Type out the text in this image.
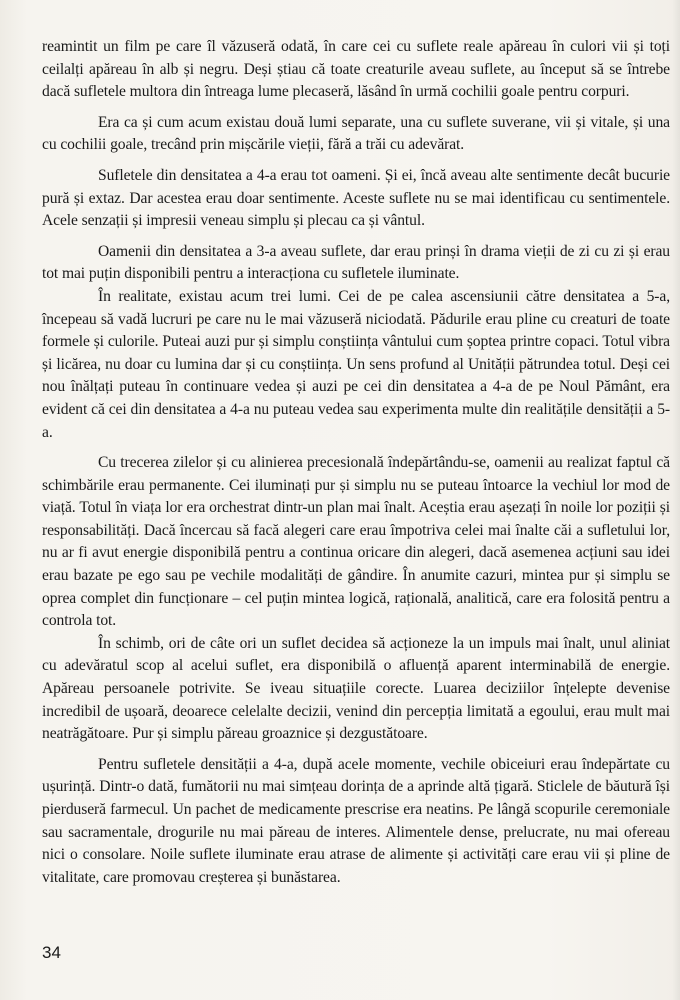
reamintit un film pe care îl văzuseră odată, în care cei cu suflete reale apăreau în culori vii și toți ceilalți apăreau în alb și negru. Deși știau că toate creaturile aveau suflete, au început să se întrebe dacă sufletele multora din întreaga lume plecaseră, lăsând în urmă cochilii goale pentru corpuri.

Era ca și cum acum existau două lumi separate, una cu suflete suverane, vii și vitale, și una cu cochilii goale, trecând prin mișcările vieții, fără a trăi cu adevărat.

Sufletele din densitatea a 4-a erau tot oameni. Și ei, încă aveau alte sentimente decât bucurie pură și extaz. Dar acestea erau doar sentimente. Aceste suflete nu se mai identificau cu sentimentele. Acele senzații și impresii veneau simplu și plecau ca și vântul.

Oamenii din densitatea a 3-a aveau suflete, dar erau prinși în drama vieții de zi cu zi și erau tot mai puțin disponibili pentru a interacționa cu sufletele iluminate.

În realitate, existau acum trei lumi. Cei de pe calea ascensiunii către densitatea a 5-a, începeau să vadă lucruri pe care nu le mai văzuseră niciodată. Pădurile erau pline cu creaturi de toate formele și culorile. Puteai auzi pur și simplu conștiința vântului cum șoptea printre copaci. Totul vibra și licărea, nu doar cu lumina dar și cu conștiința. Un sens profund al Unității pătrundea totul. Deși cei nou înălțați puteau în continuare vedea și auzi pe cei din densitatea a 4-a de pe Noul Pământ, era evident că cei din densitatea a 4-a nu puteau vedea sau experimenta multe din realitățile densității a 5-a.

Cu trecerea zilelor și cu alinierea precesională îndepărtându-se, oamenii au realizat faptul că schimbările erau permanente. Cei iluminați pur și simplu nu se puteau întoarce la vechiul lor mod de viață. Totul în viața lor era orchestrat dintr-un plan mai înalt. Aceștia erau așezați în noile lor poziții și responsabilități. Dacă încercau să facă alegeri care erau împotriva celei mai înalte căi a sufletului lor, nu ar fi avut energie disponibilă pentru a continua oricare din alegeri, dacă asemenea acțiuni sau idei erau bazate pe ego sau pe vechile modalități de gândire. În anumite cazuri, mintea pur și simplu se oprea complet din funcționare – cel puțin mintea logică, rațională, analitică, care era folosită pentru a controla tot.

În schimb, ori de câte ori un suflet decidea să acționeze la un impuls mai înalt, unul aliniat cu adevăratul scop al acelui suflet, era disponibilă o afluență aparent interminabilă de energie. Apăreau persoanele potrivite. Se iveau situațiile corecte. Luarea deciziilor înțelepte devenise incredibil de ușoară, deoarece celelalte decizii, venind din percepția limitată a egoului, erau mult mai neatrăgătoare. Pur și simplu păreau groaznice și dezgustătoare.

Pentru sufletele densității a 4-a, după acele momente, vechile obiceiuri erau îndepărtate cu ușurință. Dintr-o dată, fumătorii nu mai simțeau dorința de a aprinde altă țigară. Sticlele de băutură își pierduseră farmecul. Un pachet de medicamente prescrise era neatins. Pe lângă scopurile ceremoniale sau sacramentale, drogurile nu mai păreau de interes. Alimentele dense, prelucrate, nu mai ofereau nici o consolare. Noile suflete iluminate erau atrase de alimente și activități care erau vii și pline de vitalitate, care promovau creșterea și bunăstarea.

34
